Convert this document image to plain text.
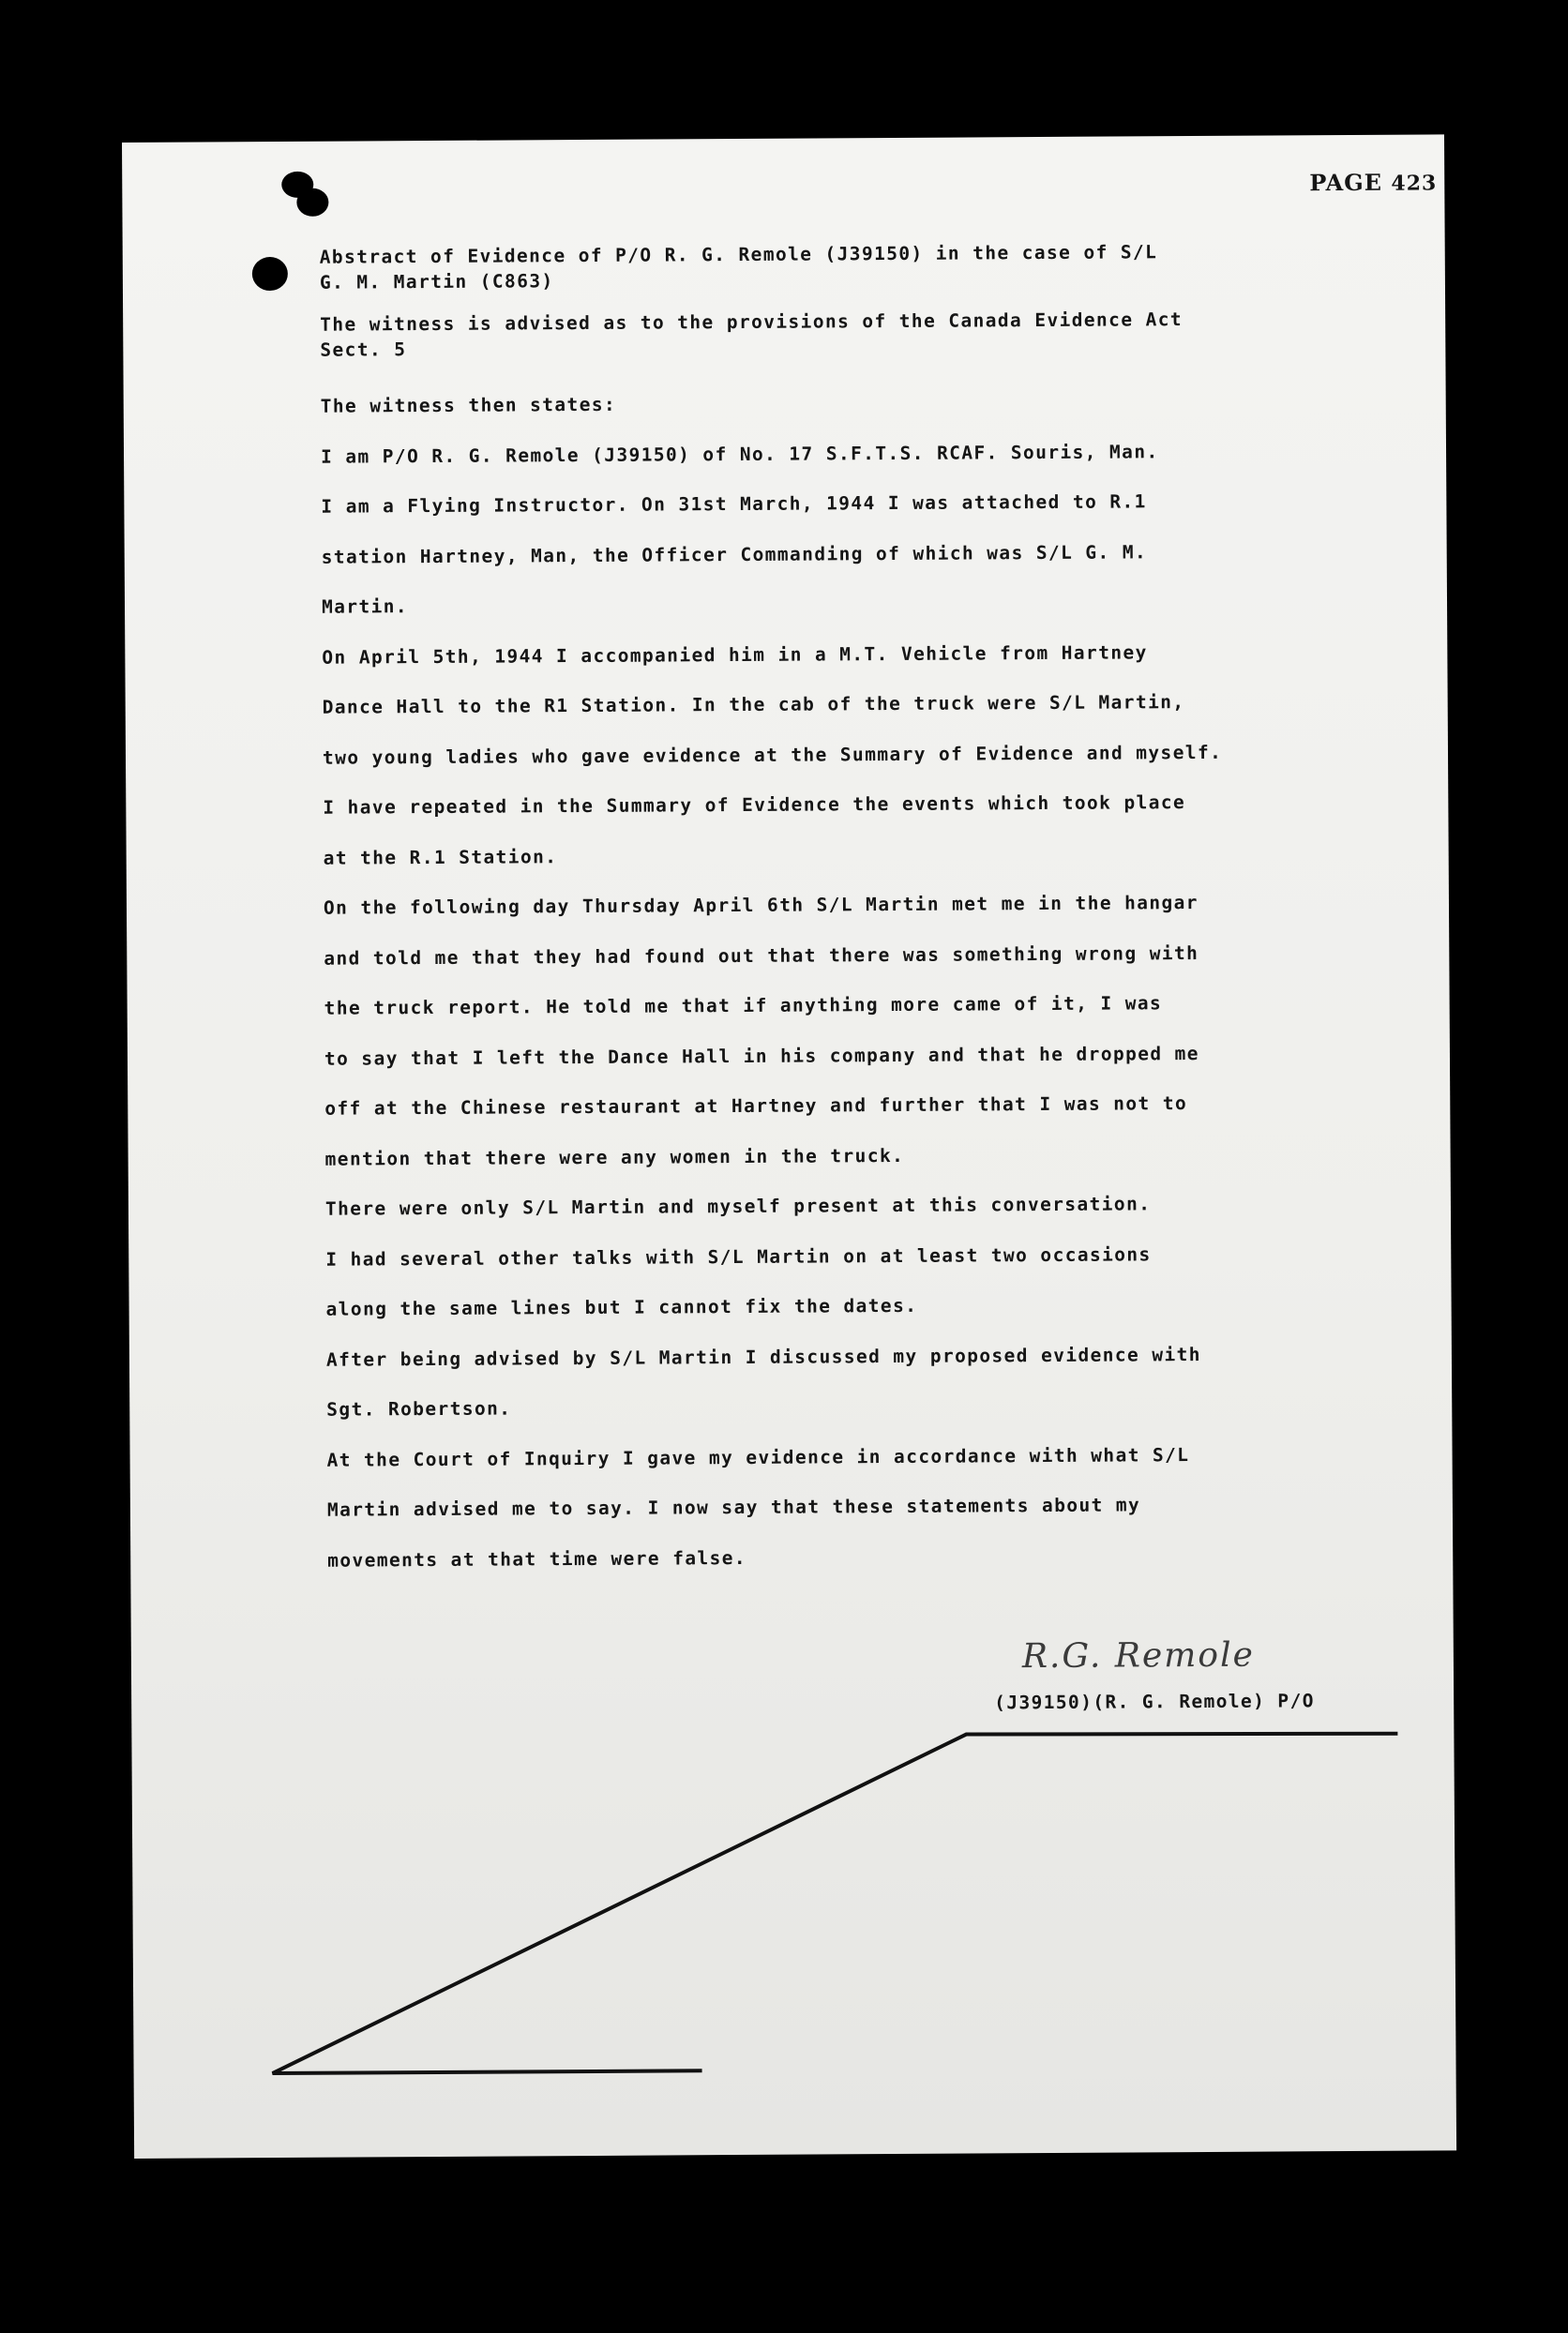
PAGE 423
Abstract of Evidence of P/O R. G. Remole (J39150) in the case of S/L
G. M. Martin (C863)
The witness is advised as to the provisions of the Canada Evidence Act
Sect. 5
The witness then states:
I am P/O R. G. Remole (J39150) of No. 17 S.F.T.S. RCAF. Souris, Man.
I am a Flying Instructor. On 31st March, 1944 I was attached to R.1
station Hartney, Man, the Officer Commanding of which was S/L G. M.
Martin.
On April 5th, 1944 I accompanied him in a M.T. Vehicle from Hartney
Dance Hall to the R1 Station. In the cab of the truck were S/L Martin,
two young ladies who gave evidence at the Summary of Evidence and myself.
I have repeated in the Summary of Evidence the events which took place
at the R.1 Station.
On the following day Thursday April 6th S/L Martin met me in the hangar
and told me that they had found out that there was something wrong with
the truck report. He told me that if anything more came of it, I was
to say that I left the Dance Hall in his company and that he dropped me
off at the Chinese restaurant at Hartney and further that I was not to
mention that there were any women in the truck.
There were only S/L Martin and myself present at this conversation.
I had several other talks with S/L Martin on at least two occasions
along the same lines but I cannot fix the dates.
After being advised by S/L Martin I discussed my proposed evidence with
Sgt. Robertson.
At the Court of Inquiry I gave my evidence in accordance with what S/L
Martin advised me to say. I now say that these statements about my
movements at that time were false.
R.G. Remole
(J39150)(R. G. Remole) P/O
